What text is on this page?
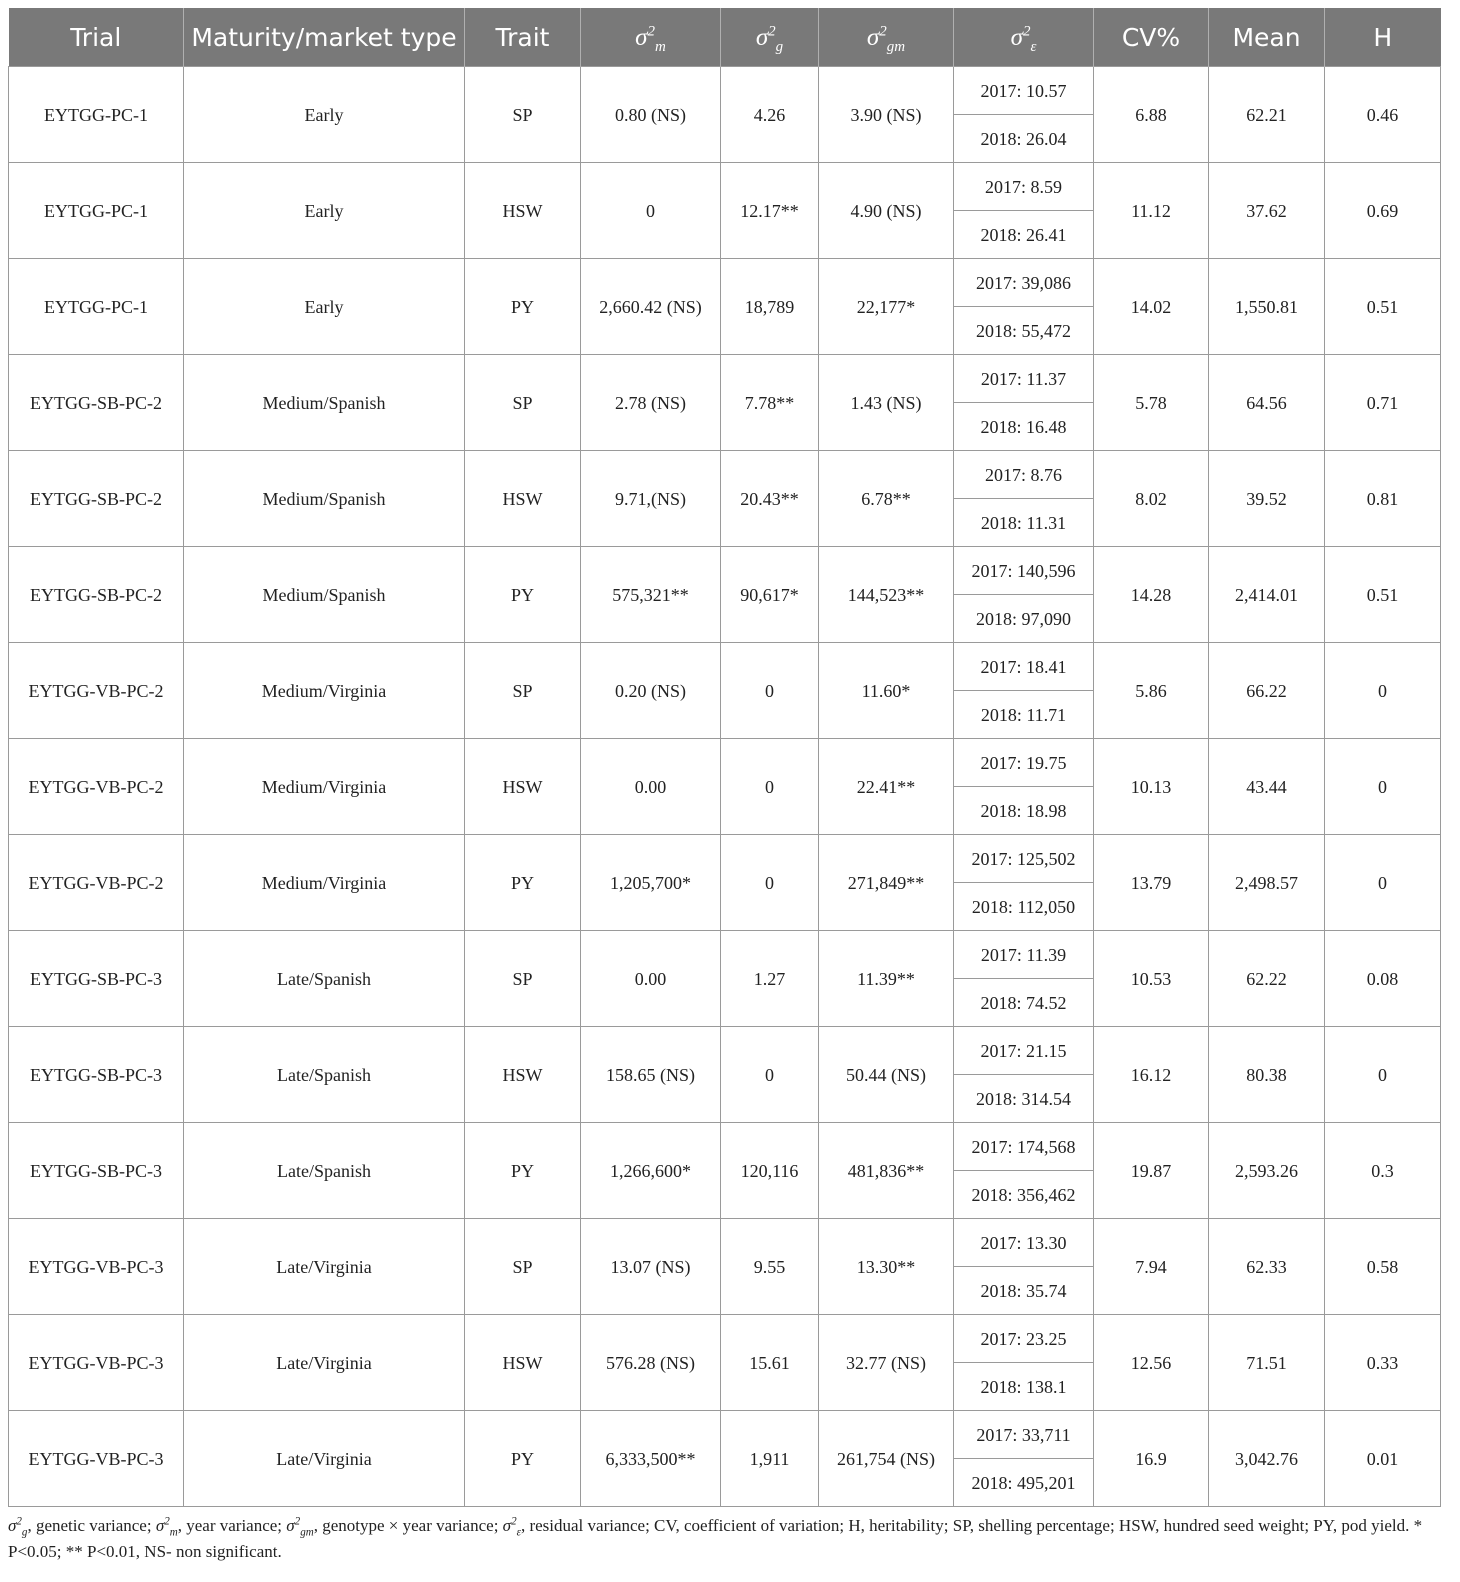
Trial	Maturity/market type	Trait	$\sigma^2_m$	$\sigma^2_g$	$\sigma^2_{gm}$	$\sigma^2_\varepsilon$	CV%	Mean	H
EYTGG-PC-1	Early	SP	0.80 (NS)	4.26	3.90 (NS)	2017: 10.57	6.88	62.21	0.46
						2018: 26.04			
EYTGG-PC-1	Early	HSW	0	12.17**	4.90 (NS)	2017: 8.59	11.12	37.62	0.69
						2018: 26.41			
EYTGG-PC-1	Early	PY	2,660.42 (NS)	18,789	22,177*	2017: 39,086	14.02	1,550.81	0.51
						2018: 55,472			
EYTGG-SB-PC-2	Medium/Spanish	SP	2.78 (NS)	7.78**	1.43 (NS)	2017: 11.37	5.78	64.56	0.71
						2018: 16.48			
EYTGG-SB-PC-2	Medium/Spanish	HSW	9.71,(NS)	20.43**	6.78**	2017: 8.76	8.02	39.52	0.81
						2018: 11.31			
EYTGG-SB-PC-2	Medium/Spanish	PY	575,321**	90,617*	144,523**	2017: 140,596	14.28	2,414.01	0.51
						2018: 97,090			
EYTGG-VB-PC-2	Medium/Virginia	SP	0.20 (NS)	0	11.60*	2017: 18.41	5.86	66.22	0
						2018: 11.71			
EYTGG-VB-PC-2	Medium/Virginia	HSW	0.00	0	22.41**	2017: 19.75	10.13	43.44	0
						2018: 18.98			
EYTGG-VB-PC-2	Medium/Virginia	PY	1,205,700*	0	271,849**	2017: 125,502	13.79	2,498.57	0
						2018: 112,050			
EYTGG-SB-PC-3	Late/Spanish	SP	0.00	1.27	11.39**	2017: 11.39	10.53	62.22	0.08
						2018: 74.52			
EYTGG-SB-PC-3	Late/Spanish	HSW	158.65 (NS)	0	50.44 (NS)	2017: 21.15	16.12	80.38	0
						2018: 314.54			
EYTGG-SB-PC-3	Late/Spanish	PY	1,266,600*	120,116	481,836**	2017: 174,568	19.87	2,593.26	0.3
						2018: 356,462			
EYTGG-VB-PC-3	Late/Virginia	SP	13.07 (NS)	9.55	13.30**	2017: 13.30	7.94	62.33	0.58
						2018: 35.74			
EYTGG-VB-PC-3	Late/Virginia	HSW	576.28 (NS)	15.61	32.77 (NS)	2017: 23.25	12.56	71.51	0.33
						2018: 138.1			
EYTGG-VB-PC-3	Late/Virginia	PY	6,333,500**	1,911	261,754 (NS)	2017: 33,711	16.9	3,042.76	0.01
						2018: 495,201			
$\sigma^2_g$, genetic variance; $\sigma^2_m$, year variance; $\sigma^2_{gm}$, genotype × year variance; $\sigma^2_\varepsilon$, residual variance; CV, coefficient of variation; H, heritability; SP, shelling percentage; HSW, hundred seed weight; PY, pod yield. * P<0.05; ** P<0.01, NS- non significant.
